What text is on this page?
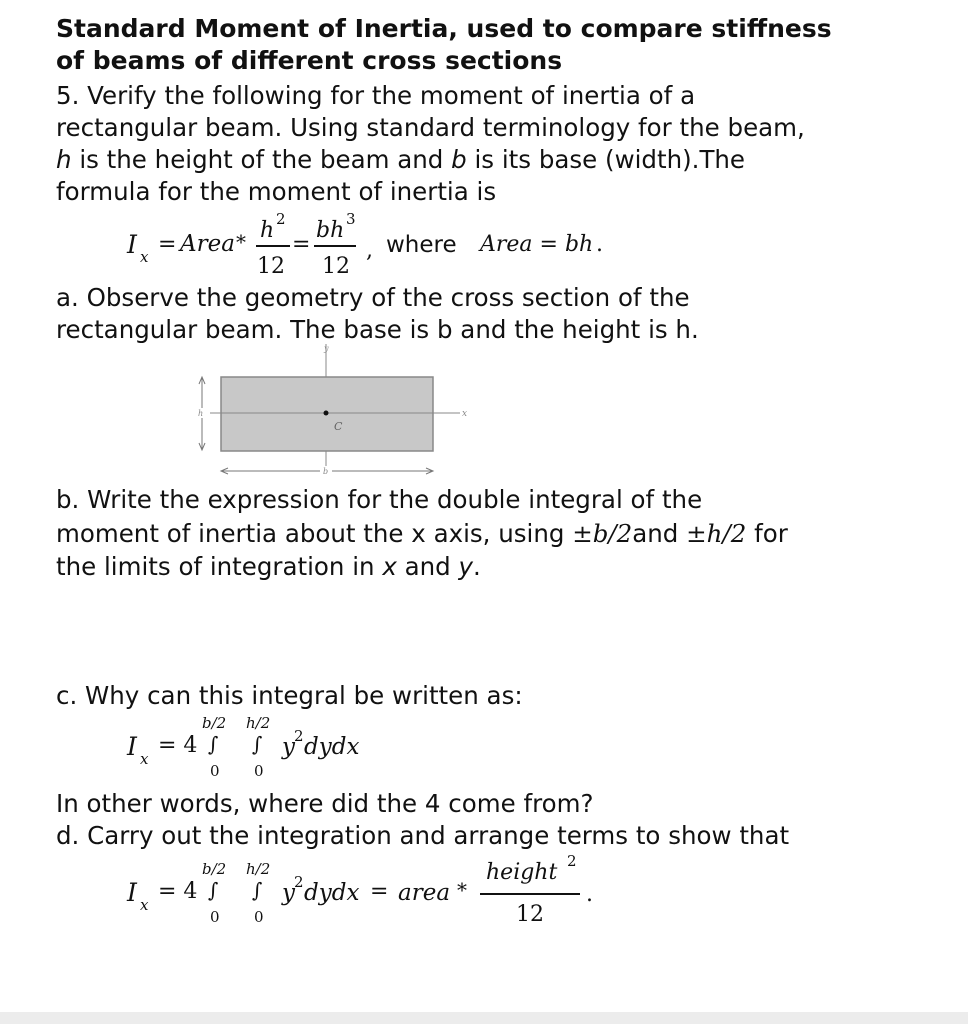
Standard Moment of Inertia, used to compare stiffness
of beams of different cross sections
5. Verify the following for the moment of inertia of a
rectangular beam. Using standard terminology for the beam,
h is the height of the beam and b is its base (width).The
formula for the moment of inertia is
I x = Area * h 2
12
=
bh 3
12
, where Area = bh .
a. Observe the geometry of the cross section of the
rectangular beam. The base is b and the height is h.
y
x
C
h
b
b. Write the expression for the double integral of the
moment of inertia about the x axis, using ±b/2and ±h/2 for
the limits of integration in x and y.
c. Why can this integral be written as:
I x
= 4
b/2
∫
0
h/2
∫
0
y 2 dydx
In other words, where did the 4 come from?
d. Carry out the integration and arrange terms to show that
I x
= 4
b/2
∫
0
h/2
∫
0
y 2 dydx = area *
height 2
12
.
